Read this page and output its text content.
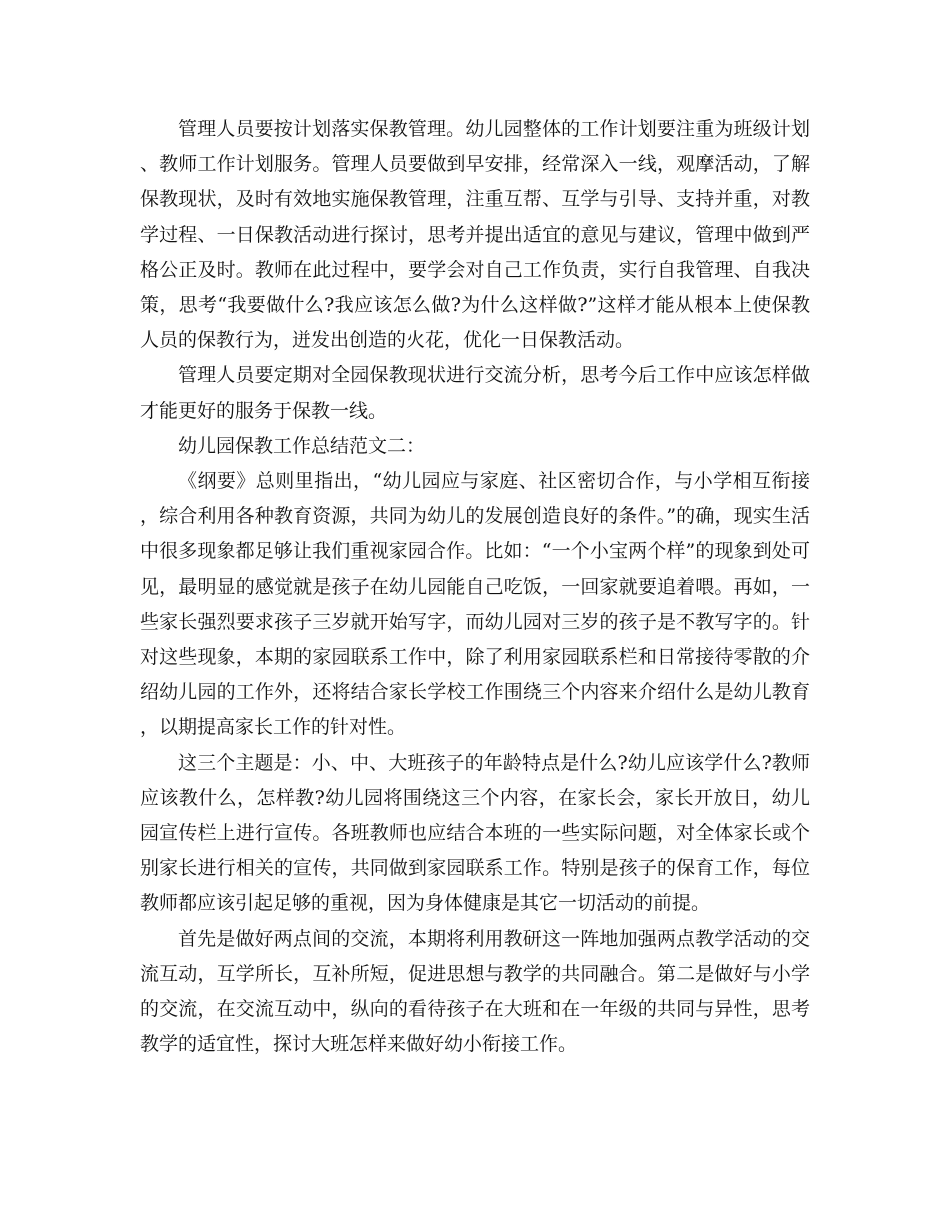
管理人员要按计划落实保教管理。幼儿园整体的工作计划要注重为班级计划、教师工作计划服务。管理人员要做到早安排，经常深入一线，观摩活动，了解保教现状，及时有效地实施保教管理，注重互帮、互学与引导、支持并重，对教学过程、一日保教活动进行探讨，思考并提出适宜的意见与建议，管理中做到严格公正及时。教师在此过程中，要学会对自己工作负责，实行自我管理、自我决策，思考“我要做什么?我应该怎么做?为什么这样做?”这样才能从根本上使保教人员的保教行为，迸发出创造的火花，优化一日保教活动。

管理人员要定期对全园保教现状进行交流分析，思考今后工作中应该怎样做才能更好的服务于保教一线。

幼儿园保教工作总结范文二：

《纲要》总则里指出，“幼儿园应与家庭、社区密切合作，与小学相互衔接，综合利用各种教育资源，共同为幼儿的发展创造良好的条件。”的确，现实生活中很多现象都足够让我们重视家园合作。比如：“一个小宝两个样”的现象到处可见，最明显的感觉就是孩子在幼儿园能自己吃饭，一回家就要追着喂。再如，一些家长强烈要求孩子三岁就开始写字，而幼儿园对三岁的孩子是不教写字的。针对这些现象，本期的家园联系工作中，除了利用家园联系栏和日常接待零散的介绍幼儿园的工作外，还将结合家长学校工作围绕三个内容来介绍什么是幼儿教育，以期提高家长工作的针对性。

这三个主题是：小、中、大班孩子的年龄特点是什么?幼儿应该学什么?教师应该教什么，怎样教?幼儿园将围绕这三个内容，在家长会，家长开放日，幼儿园宣传栏上进行宣传。各班教师也应结合本班的一些实际问题，对全体家长或个别家长进行相关的宣传，共同做到家园联系工作。特别是孩子的保育工作，每位 教师都应该引起足够的重视，因为身体健康是其它一切活动的前提。

首先是做好两点间的交流，本期将利用教研这一阵地加强两点教学活动的交流互动，互学所长，互补所短，促进思想与教学的共同融合。第二是做好与小学的交流，在交流互动中，纵向的看待孩子在大班和在一年级的共同与异性，思考教学的适宜性，探讨大班怎样来做好幼小衔接工作。
